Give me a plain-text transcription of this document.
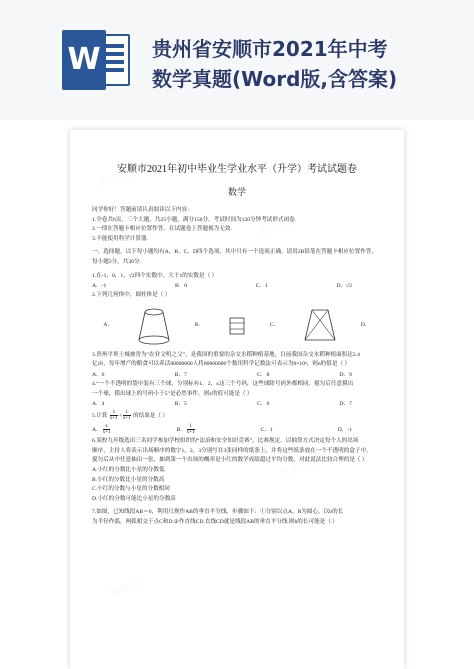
W	贵州省安顺市2021年中考
数学真题(Word版,含答案)
熊猫办公
熊猫办公
熊猫办公
熊猫办公
熊猫办公
安顺市2021年初中毕业生学业水平（升学）考试试题卷
数学
同学你好！答题前请认真阅读以下内容：
1.全卷共6页，三个大题，共25小题，满分150分，考试时间为120分钟考试形式闭卷.
2.一律在答题卡相应位置作答，在试题卷上答题视为无效.
3.不能使用科学计算器.
一、选择题。以下每小题均有A、B、C、D四个选项，其中只有一个选项正确，请用2B铅笔在答题卡相应位置作答，每小题3分，共30分.
1.在-1，0，1，√2四个实数中，大于1的实数是（ ）
A．-1	B．0	C．1	D．√2
2.下列几何体中，圆柱体是（ ）
A．	B．	C．	D．
3.贵州平坝土城被誉为“农业文明之父”，是我国的重要的杂交水稻种植基地，目前我国杂交水稻种植面积达2.4
亿亩，每年增产的粮食可以养活80000000人将80000000个数用科学记数法可表示为8×10ⁿ，则n的值是（ ）
A．6	B．7	C．8	D．9
4.“一个不透明的袋中装有三个球，分别标有1，2，x这三个号码，这些球除号码外都相同，搅匀后任意摸出
一个球，摸出球上的号码小于5”是必然事件，则x的值可能是（ ）
A．4	B．5	C．6	D．7
5.计算 $\frac{x}{x+1} + \frac{1}{x+1}$ 的结果是（ ）
A． $\frac{x}{x+1}$	B． $\frac{1}{x+1}$	C．1	D．-1
6.某校九年级选出三名同学参加学校组织的“法治和安全知识竞赛”，比赛规定，以抽签方式决定每个人的出场
顺序，主持人将表示出场顺序的数字1，2，3分别写在3张同样的纸条上，并将这些纸条放在一个不透明的盒子中，
搅匀后从中任意抽出一张，抽到第一个出场的概率是小红的数学成绩超过平均分数，对此说法比较合理的是（ ）
A.小红的分数比小星的分数低
B.小红的分数比小星的分数高
C.小红的分数与小星的分数相同
D.小红的分数可能比小星的分数高
7.如图，已知线段AB＝6，利用尺规作AB的垂直平分线，步骤如下：①分别以点A，B为圆心，以b的长
为半径作弧，两弧相交于点C和D.②作直线CD.直线CD就是线段AB的垂直平分线.则b的长可能是（ ）
